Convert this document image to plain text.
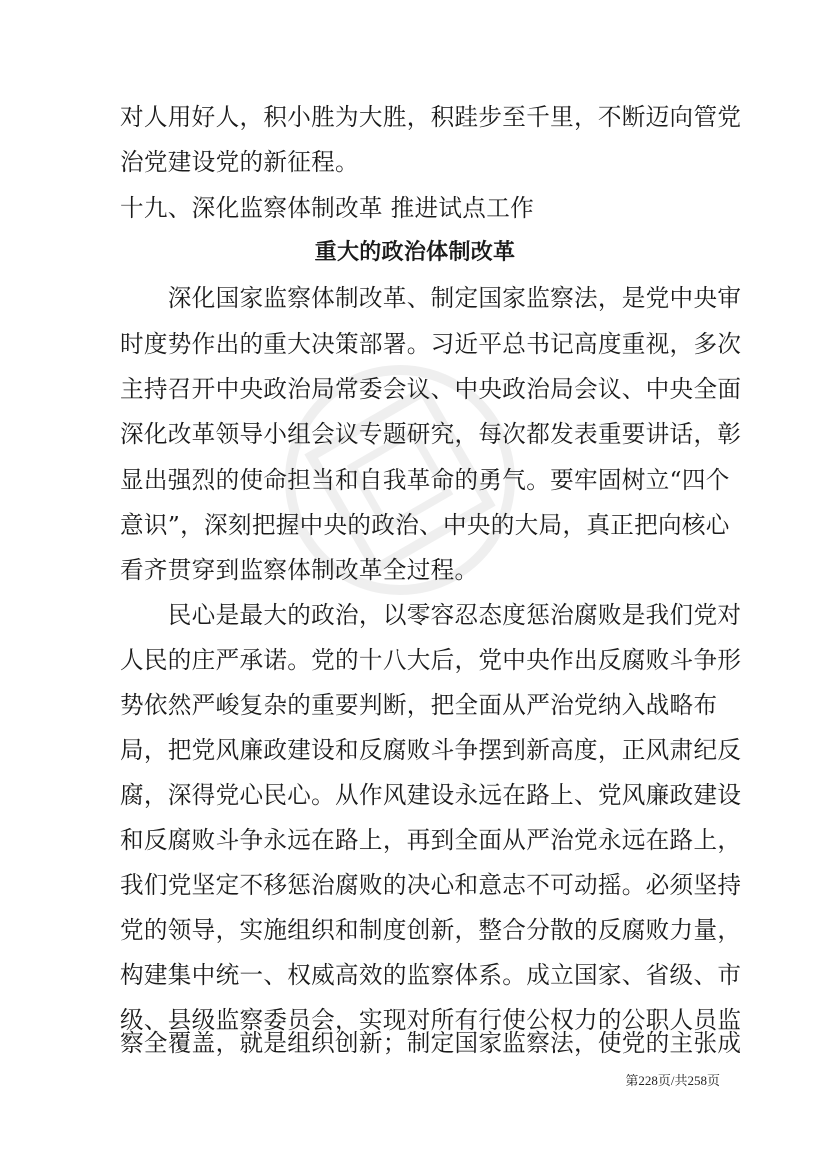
对人用好人，积小胜为大胜，积跬步至千里，不断迈向管党
治党建设党的新征程。
十九、深化监察体制改革 推进试点工作
重大的政治体制改革
　　深化国家监察体制改革、制定国家监察法，是党中央审
时度势作出的重大决策部署。习近平总书记高度重视，多次
主持召开中央政治局常委会议、中央政治局会议、中央全面
深化改革领导小组会议专题研究，每次都发表重要讲话，彰
显出强烈的使命担当和自我革命的勇气。要牢固树立“四个
意识”，深刻把握中央的政治、中央的大局，真正把向核心
看齐贯穿到监察体制改革全过程。
　　民心是最大的政治，以零容忍态度惩治腐败是我们党对
人民的庄严承诺。党的十八大后，党中央作出反腐败斗争形
势依然严峻复杂的重要判断，把全面从严治党纳入战略布
局，把党风廉政建设和反腐败斗争摆到新高度，正风肃纪反
腐，深得党心民心。从作风建设永远在路上、党风廉政建设
和反腐败斗争永远在路上，再到全面从严治党永远在路上，
我们党坚定不移惩治腐败的决心和意志不可动摇。必须坚持
党的领导，实施组织和制度创新，整合分散的反腐败力量，
构建集中统一、权威高效的监察体系。成立国家、省级、市
级、县级监察委员会，实现对所有行使公权力的公职人员监
察全覆盖，就是组织创新；制定国家监察法，使党的主张成
第228页/共258页
